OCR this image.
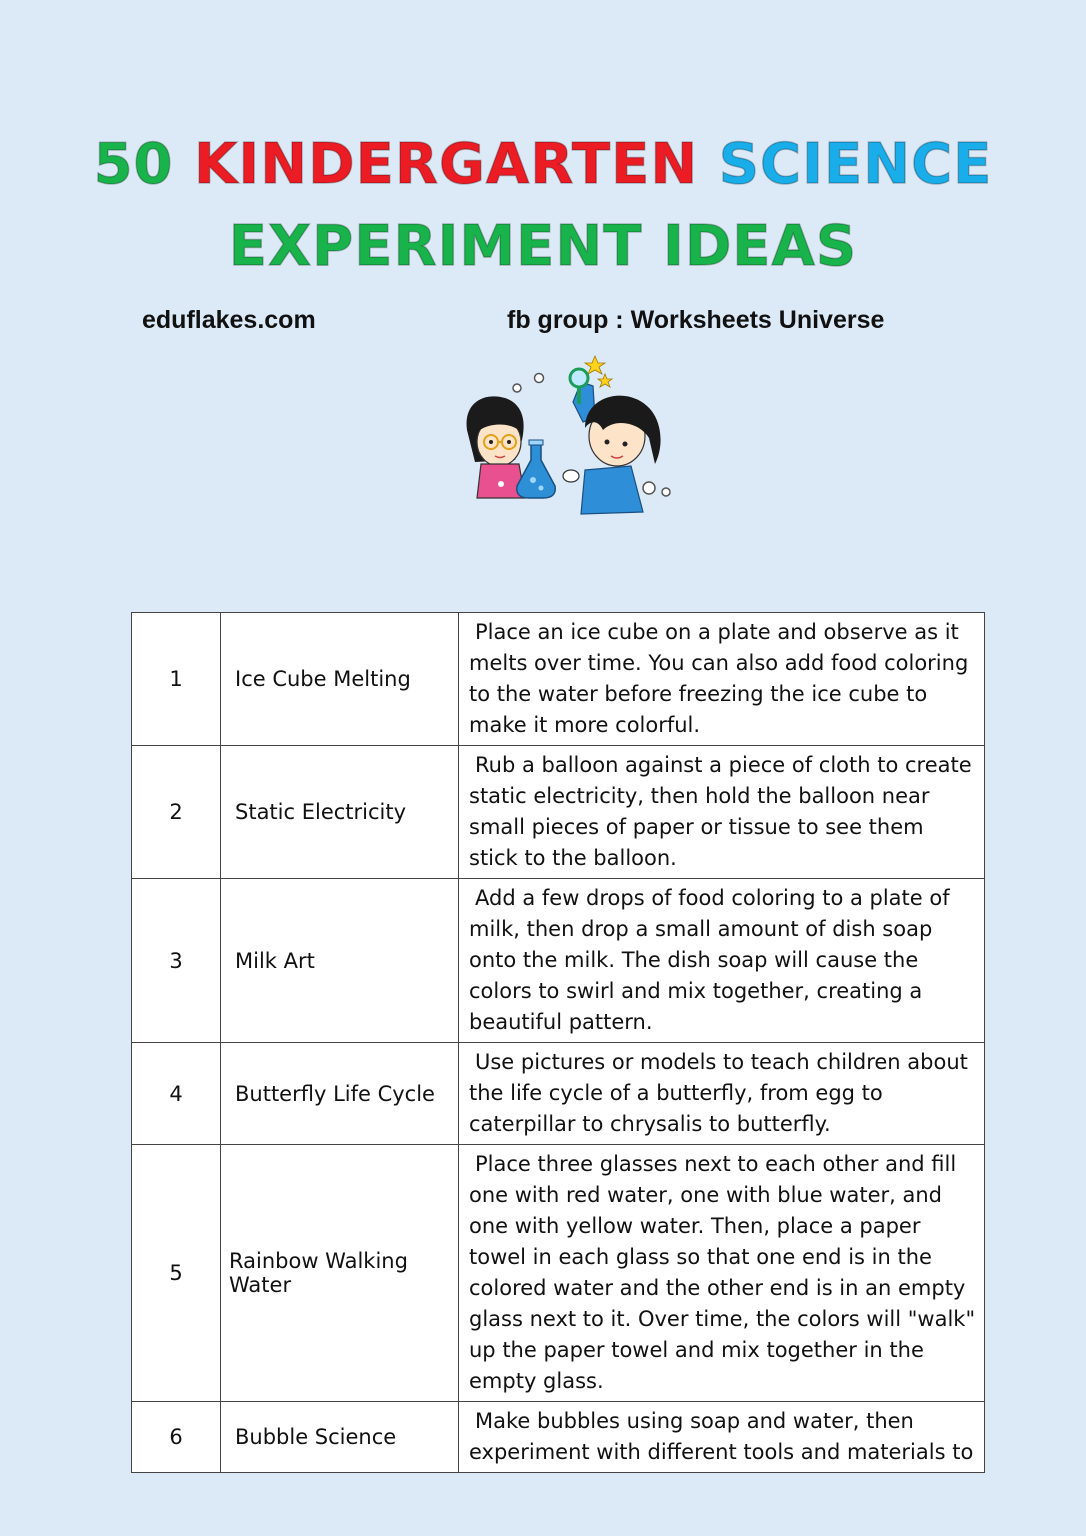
50 KINDERGARTEN SCIENCE
EXPERIMENT IDEAS
eduflakes.com	fb group : Worksheets Universe
1	Ice Cube Melting	Place an ice cube on a plate and observe as it melts over time. You can also add food coloring to the water before freezing the ice cube to make it more colorful.

2	Static Electricity	Rub a balloon against a piece of cloth to create static electricity, then hold the balloon near small pieces of paper or tissue to see them stick to the balloon.

3	Milk Art	Add a few drops of food coloring to a plate of milk, then drop a small amount of dish soap onto the milk. The dish soap will cause the colors to swirl and mix together, creating a beautiful pattern.

4	Butterfly Life Cycle	Use pictures or models to teach children about the life cycle of a butterfly, from egg to caterpillar to chrysalis to butterfly.

5	Rainbow Walking Water	Place three glasses next to each other and fill one with red water, one with blue water, and one with yellow water. Then, place a paper towel in each glass so that one end is in the colored water and the other end is in an empty glass next to it. Over time, the colors will "walk" up the paper towel and mix together in the empty glass.

6	Bubble Science	Make bubbles using soap and water, then experiment with different tools and materials to
